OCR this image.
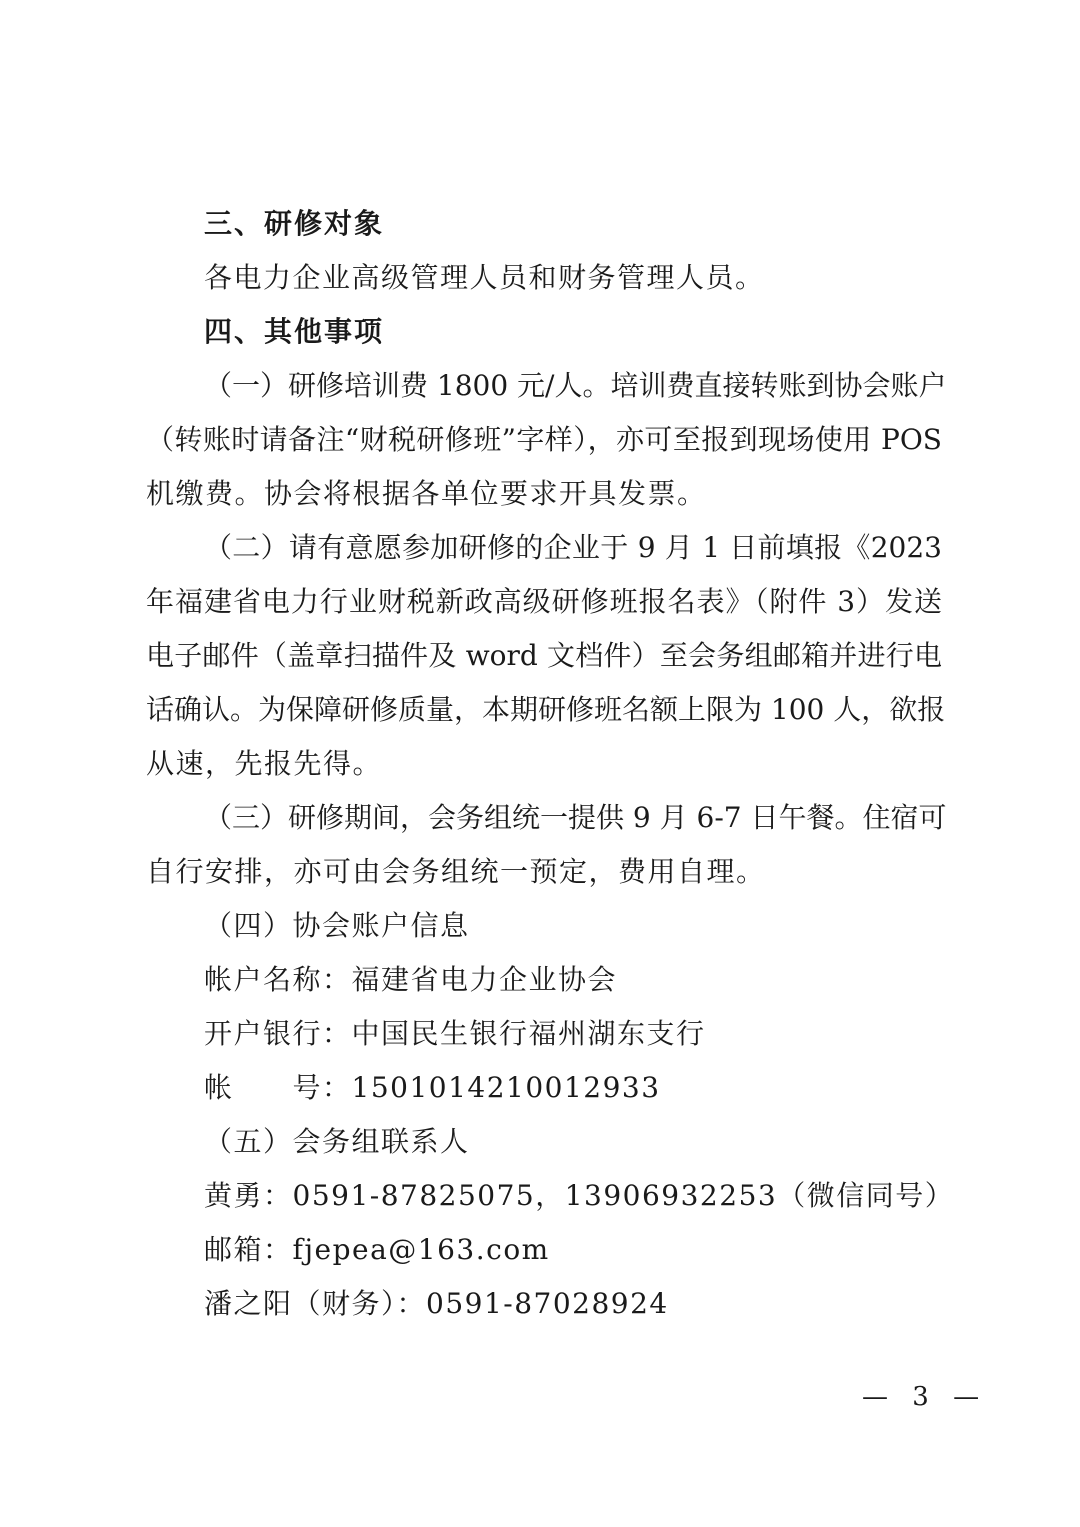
三、研修对象
各电力企业高级管理人员和财务管理人员。
四、其他事项
（一）研修培训费 1800 元/人。培训费直接转账到协会账户
（转账时请备注“财税研修班”字样），亦可至报到现场使用 POS
机缴费。协会将根据各单位要求开具发票。
（二）请有意愿参加研修的企业于 9 月 1 日前填报《2023
年福建省电力行业财税新政高级研修班报名表》（附件 3）发送
电子邮件（盖章扫描件及 word 文档件）至会务组邮箱并进行电
话确认。为保障研修质量，本期研修班名额上限为 100 人，欲报
从速，先报先得。
（三）研修期间，会务组统一提供 9 月 6-7 日午餐。住宿可
自行安排，亦可由会务组统一预定，费用自理。
（四）协会账户信息
帐户名称：福建省电力企业协会
开户银行：中国民生银行福州湖东支行
帐　　号：1501014210012933
（五）会务组联系人
黄勇：0591-87825075，13906932253（微信同号）
邮箱：fjepea@163.com
潘之阳（财务）：0591-87028924
— 3 —
